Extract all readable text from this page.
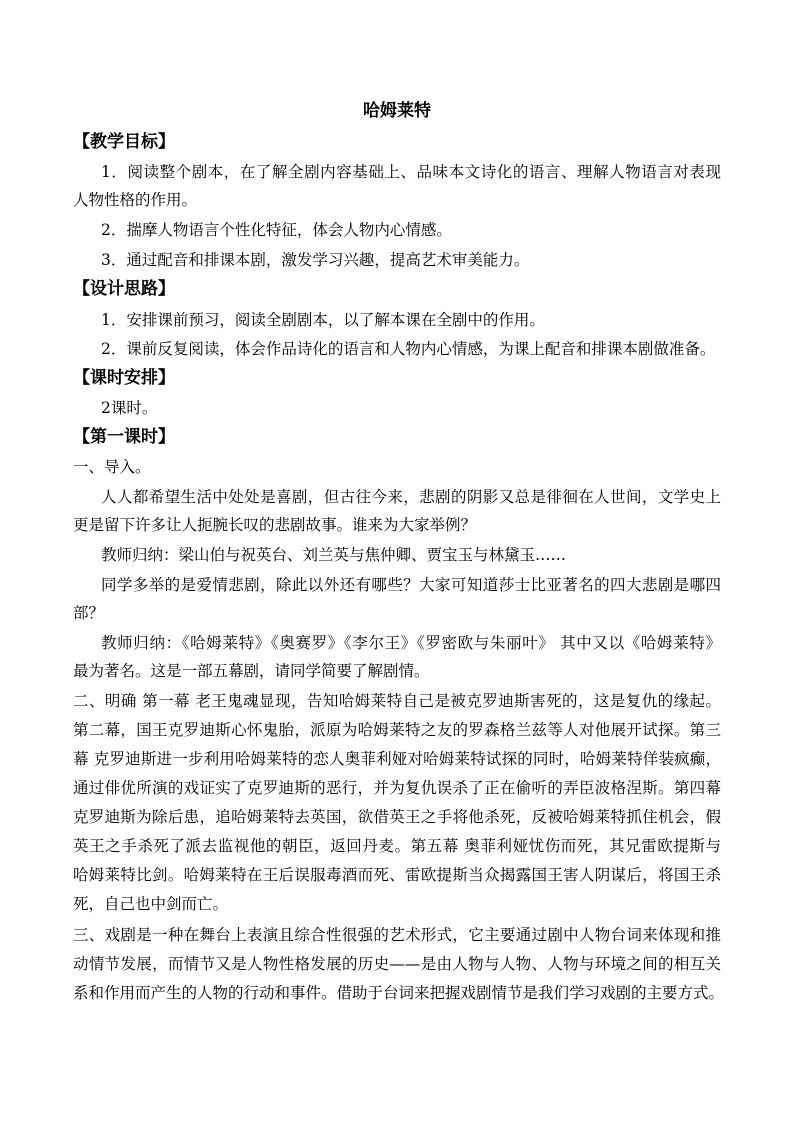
哈姆莱特
【教学目标】
1．阅读整个剧本，在了解全剧内容基础上、品味本文诗化的语言、理解人物语言对表现
人物性格的作用。
2．揣摩人物语言个性化特征，体会人物内心情感。
3．通过配音和排课本剧，激发学习兴趣，提高艺术审美能力。
【设计思路】
1．安排课前预习，阅读全剧剧本，以了解本课在全剧中的作用。
2．课前反复阅读，体会作品诗化的语言和人物内心情感，为课上配音和排课本剧做准备。
【课时安排】
2课时。
【第一课时】
一、导入。
人人都希望生活中处处是喜剧，但古往今来，悲剧的阴影又总是徘徊在人世间，文学史上
更是留下许多让人扼腕长叹的悲剧故事。谁来为大家举例？
教师归纳：梁山伯与祝英台、刘兰英与焦仲卿、贾宝玉与林黛玉……
同学多举的是爱情悲剧，除此以外还有哪些？大家可知道莎士比亚著名的四大悲剧是哪四
部？
教师归纳：《哈姆莱特》《奥赛罗》《李尔王》《罗密欧与朱丽叶》 其中又以《哈姆莱特》
最为著名。这是一部五幕剧，请同学简要了解剧情。
二、明确 第一幕 老王鬼魂显现，告知哈姆莱特自己是被克罗迪斯害死的，这是复仇的缘起。
第二幕，国王克罗迪斯心怀鬼胎，派原为哈姆莱特之友的罗森格兰兹等人对他展开试探。第三
幕 克罗迪斯进一步利用哈姆莱特的恋人奥菲利娅对哈姆莱特试探的同时，哈姆莱特佯装疯癫，
通过俳优所演的戏证实了克罗迪斯的恶行，并为复仇误杀了正在偷听的弄臣波格涅斯。第四幕
克罗迪斯为除后患，追哈姆莱特去英国，欲借英王之手将他杀死，反被哈姆莱特抓住机会，假
英王之手杀死了派去监视他的朝臣，返回丹麦。第五幕 奥菲利娅忧伤而死，其兄雷欧提斯与
哈姆莱特比剑。哈姆莱特在王后误服毒酒而死、雷欧提斯当众揭露国王害人阴谋后，将国王杀
死，自己也中剑而亡。
三、戏剧是一种在舞台上表演且综合性很强的艺术形式，它主要通过剧中人物台词来体现和推
动情节发展，而情节又是人物性格发展的历史——是由人物与人物、人物与环境之间的相互关
系和作用而产生的人物的行动和事件。借助于台词来把握戏剧情节是我们学习戏剧的主要方式。
